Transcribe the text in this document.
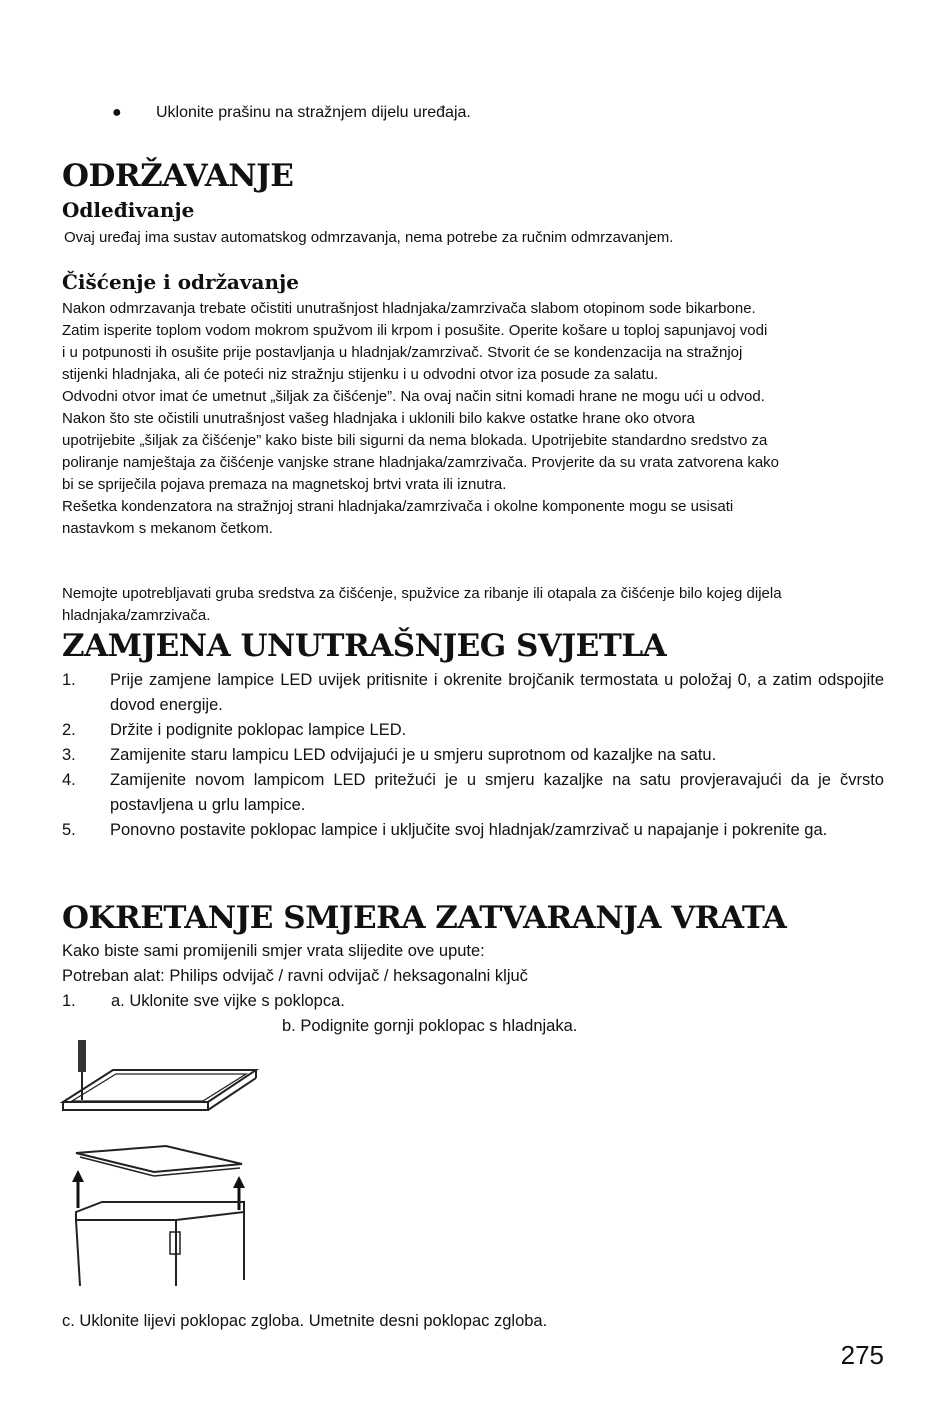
● Uklonite prašinu na stražnjem dijelu uređaja.
ODRŽAVANJE
Odleđivanje
Ovaj uređaj ima sustav automatskog odmrzavanja, nema potrebe za ručnim odmrzavanjem.
Čišćenje i održavanje
Nakon odmrzavanja trebate očistiti unutrašnjost hladnjaka/zamrzivača slabom otopinom sode bikarbone.
Zatim isperite toplom vodom mokrom spužvom ili krpom i posušite. Operite košare u toploj sapunjavoj vodi
i u potpunosti ih osušite prije postavljanja u hladnjak/zamrzivač. Stvorit će se kondenzacija na stražnjoj
stijenki hladnjaka, ali će poteći niz stražnju stijenku i u odvodni otvor iza posude za salatu.
Odvodni otvor imat će umetnut „šiljak za čišćenje”. Na ovaj način sitni komadi hrane ne mogu ući u odvod.
Nakon što ste očistili unutrašnjost vašeg hladnjaka i uklonili bilo kakve ostatke hrane oko otvora
upotrijebite „šiljak za čišćenje” kako biste bili sigurni da nema blokada. Upotrijebite standardno sredstvo za
poliranje namještaja za čišćenje vanjske strane hladnjaka/zamrzivača. Provjerite da su vrata zatvorena kako
bi se spriječila pojava premaza na magnetskoj brtvi vrata ili iznutra.
Rešetka kondenzatora na stražnjoj strani hladnjaka/zamrzivača i okolne komponente mogu se usisati
nastavkom s mekanom četkom.
Nemojte upotrebljavati gruba sredstva za čišćenje, spužvice za ribanje ili otapala za čišćenje bilo kojeg dijela
hladnjaka/zamrzivača.
ZAMJENA UNUTRAŠNJEG SVJETLA
1. Prije zamjene lampice LED uvijek pritisnite i okrenite brojčanik termostata u položaj 0, a zatim odspojite dovod energije.
2. Držite i podignite poklopac lampice LED.
3. Zamijenite staru lampicu LED odvijajući je u smjeru suprotnom od kazaljke na satu.
4. Zamijenite novom lampicom LED pritežući je u smjeru kazaljke na satu provjeravajući da je čvrsto postavljena u grlu lampice.
5. Ponovno postavite poklopac lampice i uključite svoj hladnjak/zamrzivač u napajanje i pokrenite ga.
OKRETANJE SMJERA ZATVARANJA VRATA
Kako biste sami promijenili smjer vrata slijedite ove upute:
Potreban alat: Philips odvijač / ravni odvijač / heksagonalni ključ
1.	a. Uklonite sve vijke s poklopca.
b. Podignite gornji poklopac s hladnjaka.
c. Uklonite lijevi poklopac zgloba. Umetnite desni poklopac zgloba.
275
